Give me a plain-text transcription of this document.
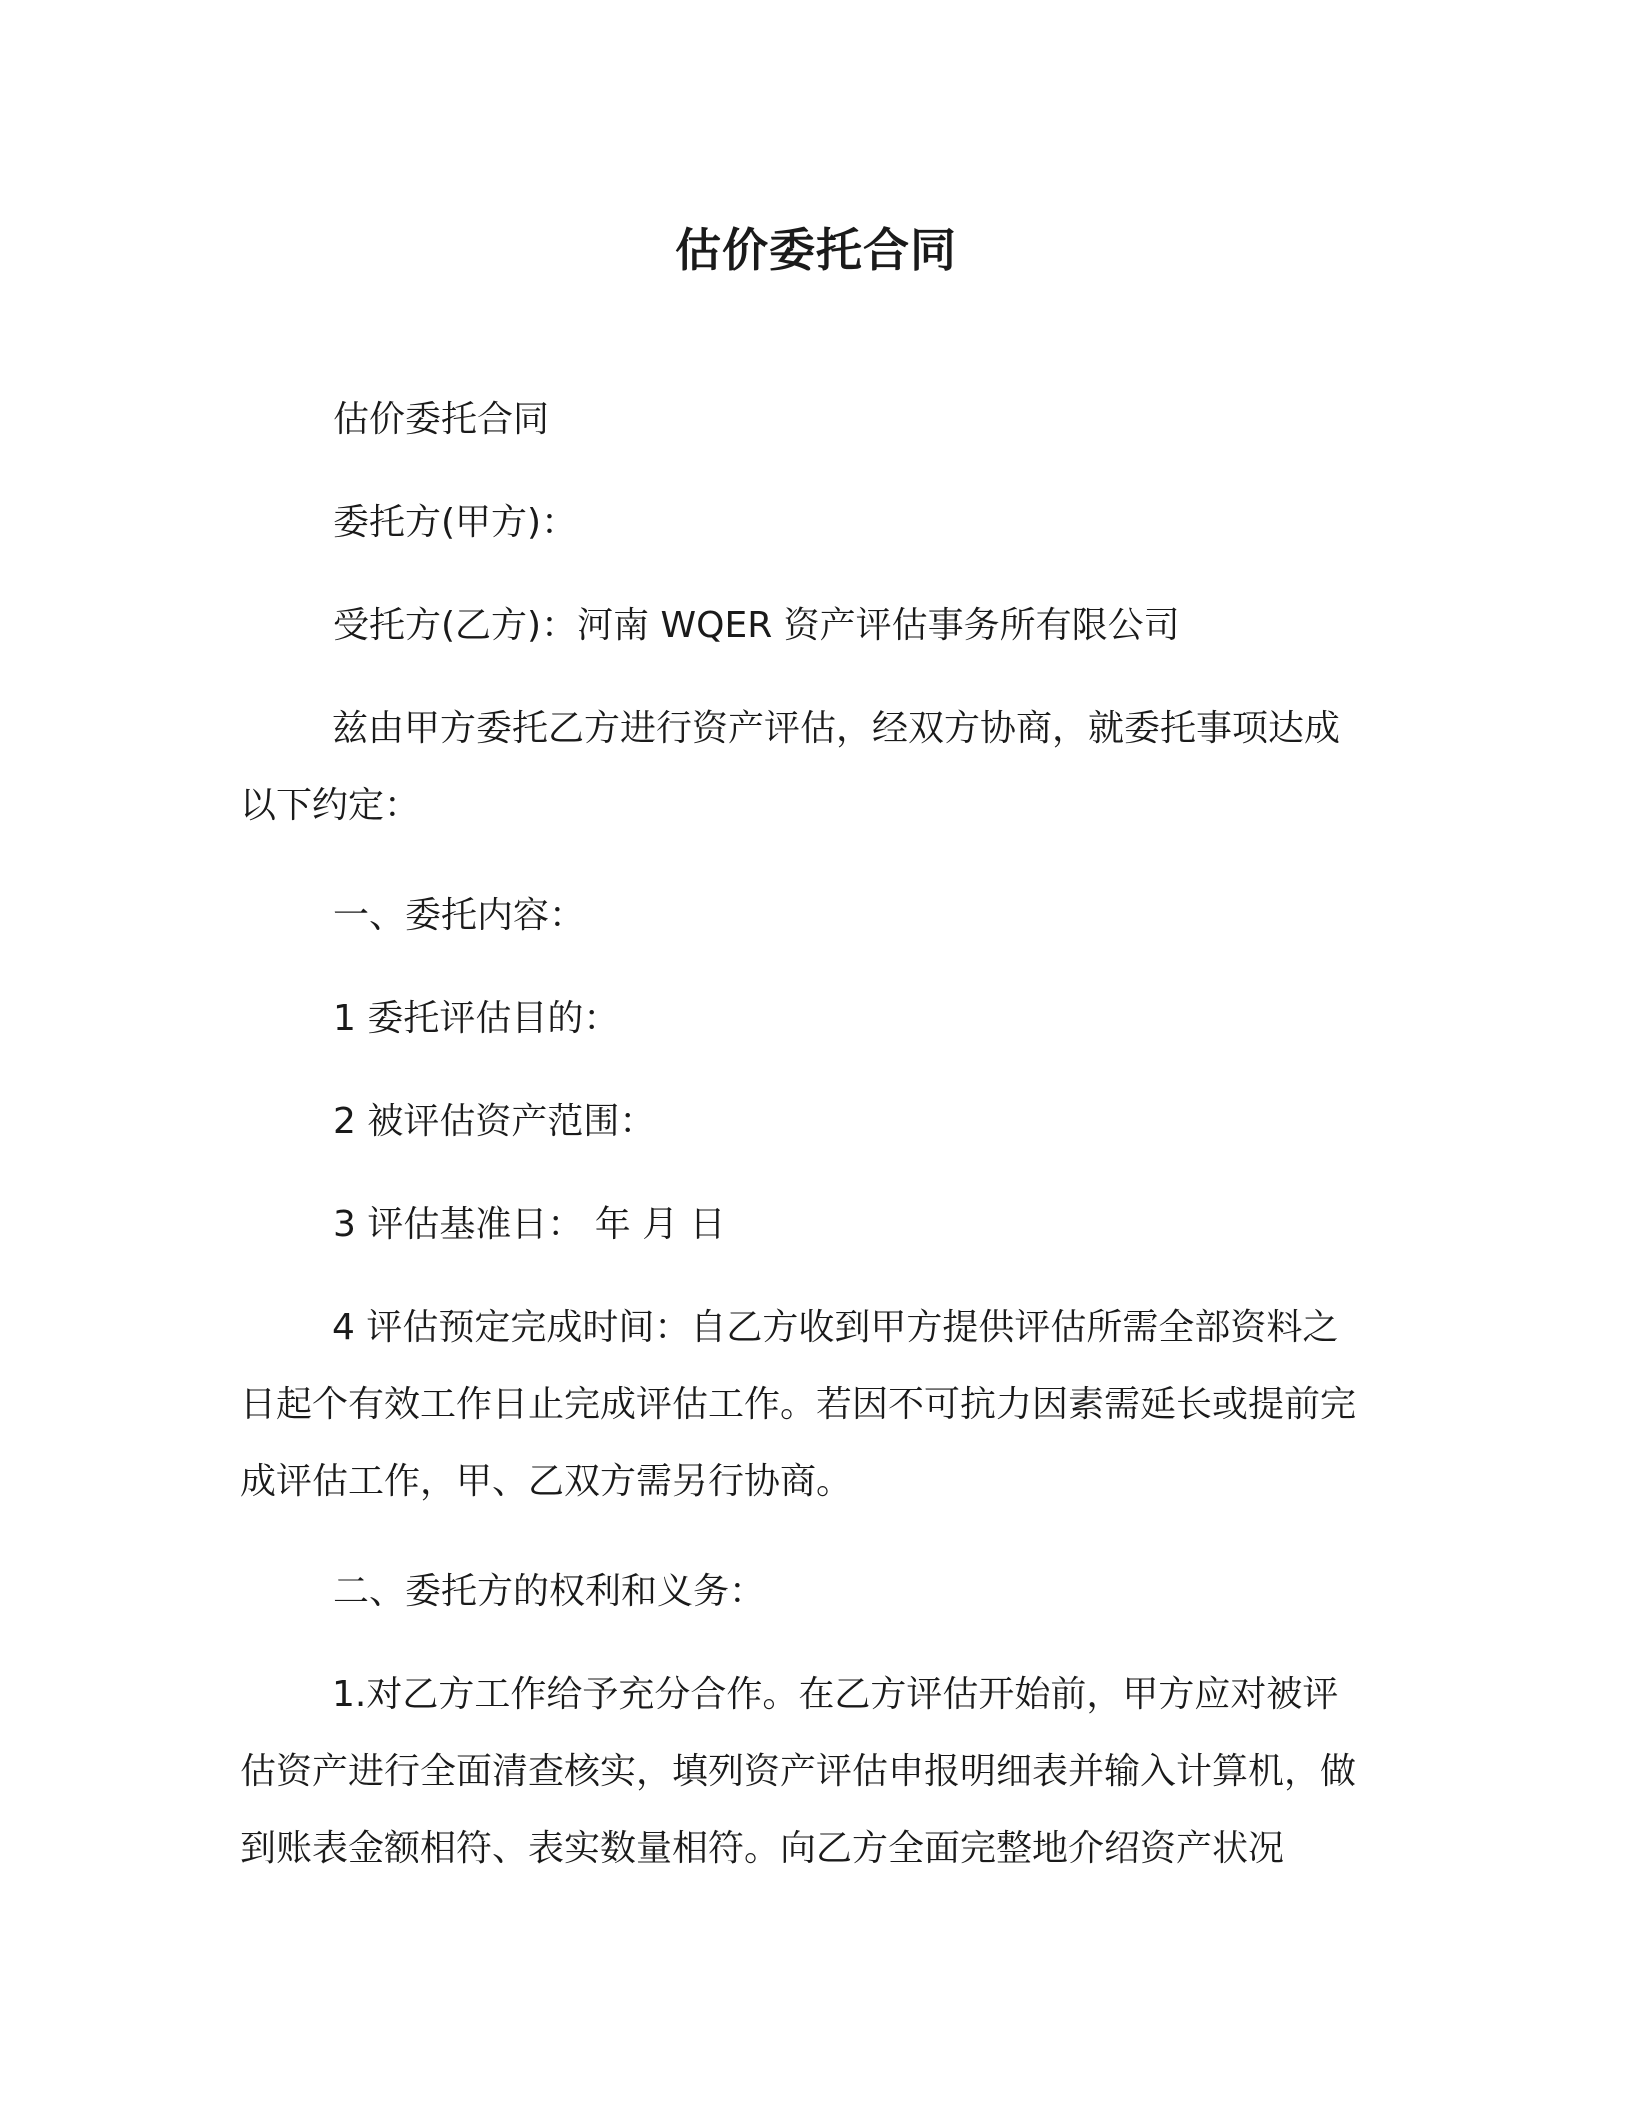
估价委托合同

估价委托合同

委托方(甲方)：

受托方(乙方)：河南 WQER 资产评估事务所有限公司

兹由甲方委托乙方进行资产评估，经双方协商，就委托事项达成以下约定：

一、委托内容：

1 委托评估目的：

2 被评估资产范围：

3 评估基准日： 年 月 日

4 评估预定完成时间：自乙方收到甲方提供评估所需全部资料之日起个有效工作日止完成评估工作。若因不可抗力因素需延长或提前完成评估工作，甲、乙双方需另行协商。

二、委托方的权利和义务：

1.对乙方工作给予充分合作。在乙方评估开始前，甲方应对被评估资产进行全面清查核实，填列资产评估申报明细表并输入计算机，做到账表金额相符、表实数量相符。向乙方全面完整地介绍资产状况
